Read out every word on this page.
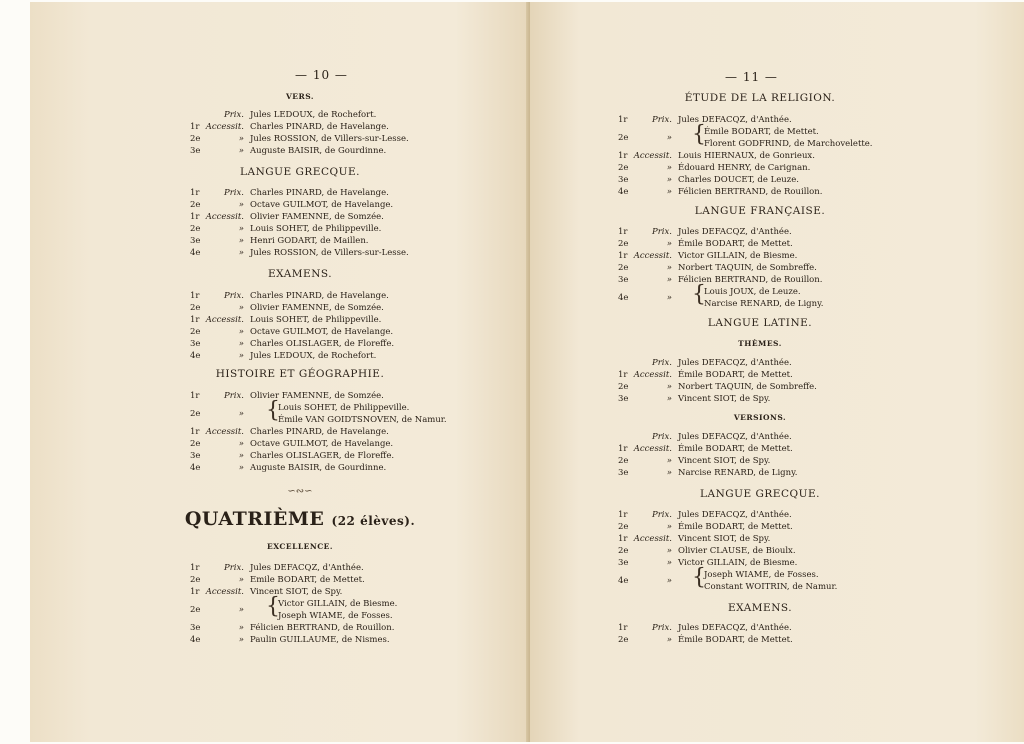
— 10 —
VERS.
Prix. Jules LEDOUX, de Rochefort.
1r Accessit. Charles PINARD, de Havelange.
2e	» Jules ROSSION, de Villers-sur-Lesse.
3e	» Auguste BAISIR, de Gourdinne.
LANGUE GRECQUE.
1r	Prix. Charles PINARD, de Havelange.
2e	» Octave GUILMOT, de Havelange.
1r Accessit. Olivier FAMENNE, de Somzée.
2e	» Louis SOHET, de Philippeville.
3e	» Henri GODART, de Maillen.
4e	» Jules ROSSION, de Villers-sur-Lesse.
EXAMENS.
1r	Prix. Charles PINARD, de Havelange.
2e	» Olivier FAMENNE, de Somzée.
1r Accessit. Louis SOHET, de Philippeville.
2e	» Octave GUILMOT, de Havelange.
3e	» Charles OLISLAGER, de Floreffe.
4e	» Jules LEDOUX, de Rochefort.
HISTOIRE ET GÉOGRAPHIE.
1r	Prix. Olivier FAMENNE, de Somzée.
2e	» {
Louis SOHET, de Philippeville.
Émile VAN GOIDTSNOVEN, de Namur.
1r Accessit. Charles PINARD, de Havelange.
2e	» Octave GUILMOT, de Havelange.
3e	» Charles OLISLAGER, de Floreffe.
4e	» Auguste BAISIR, de Gourdinne.
∽∾∽
QUATRIÈME (22 élèves).
EXCELLENCE.
1r	Prix. Jules DEFACQZ, d'Anthée.
2e	» Emile BODART, de Mettet.
1r Accessit. Vincent SIOT, de Spy.
2e	» {
Victor GILLAIN, de Biesme.
Joseph WIAME, de Fosses.
3e	» Félicien BERTRAND, de Rouillon.
4e	» Paulin GUILLAUME, de Nismes.
— 11 —
ÉTUDE DE LA RELIGION.
1r	Prix. Jules DEFACQZ, d'Anthée.
2e	» {
Émile BODART, de Mettet.
Florent GODFRIND, de Marchovelette.
1r Accessit. Louis HIERNAUX, de Gonrieux.
2e	» Édouard HENRY, de Carignan.
3e	» Charles DOUCET, de Leuze.
4e	» Félicien BERTRAND, de Rouillon.
LANGUE FRANÇAISE.
1r	Prix. Jules DEFACQZ, d'Anthée.
2e	» Émile BODART, de Mettet.
1r Accessit. Victor GILLAIN, de Biesme.
2e	» Norbert TAQUIN, de Sombreffe.
3e	» Félicien BERTRAND, de Rouillon.
4e	» {
Louis JOUX, de Leuze.
Narcise RENARD, de Ligny.
LANGUE LATINE.
THÈMES.
Prix. Jules DEFACQZ, d'Anthée.
1r Accessit. Émile BODART, de Mettet.
2e	» Norbert TAQUIN, de Sombreffe.
3e	» Vincent SIOT, de Spy.
VERSIONS.
Prix. Jules DEFACQZ, d'Anthée.
1r Accessit. Émile BODART, de Mettet.
2e	» Vincent SIOT, de Spy.
3e	» Narcise RENARD, de Ligny.
LANGUE GRECQUE.
1r	Prix. Jules DEFACQZ, d'Anthée.
2e	» Émile BODART, de Mettet.
1r Accessit. Vincent SIOT, de Spy.
2e	» Olivier CLAUSE, de Bioulx.
3e	» Victor GILLAIN, de Biesme.
4e	» {
Joseph WIAME, de Fosses.
Constant WOITRIN, de Namur.
EXAMENS.
1r	Prix. Jules DEFACQZ, d'Anthée.
2e	» Émile BODART, de Mettet.
